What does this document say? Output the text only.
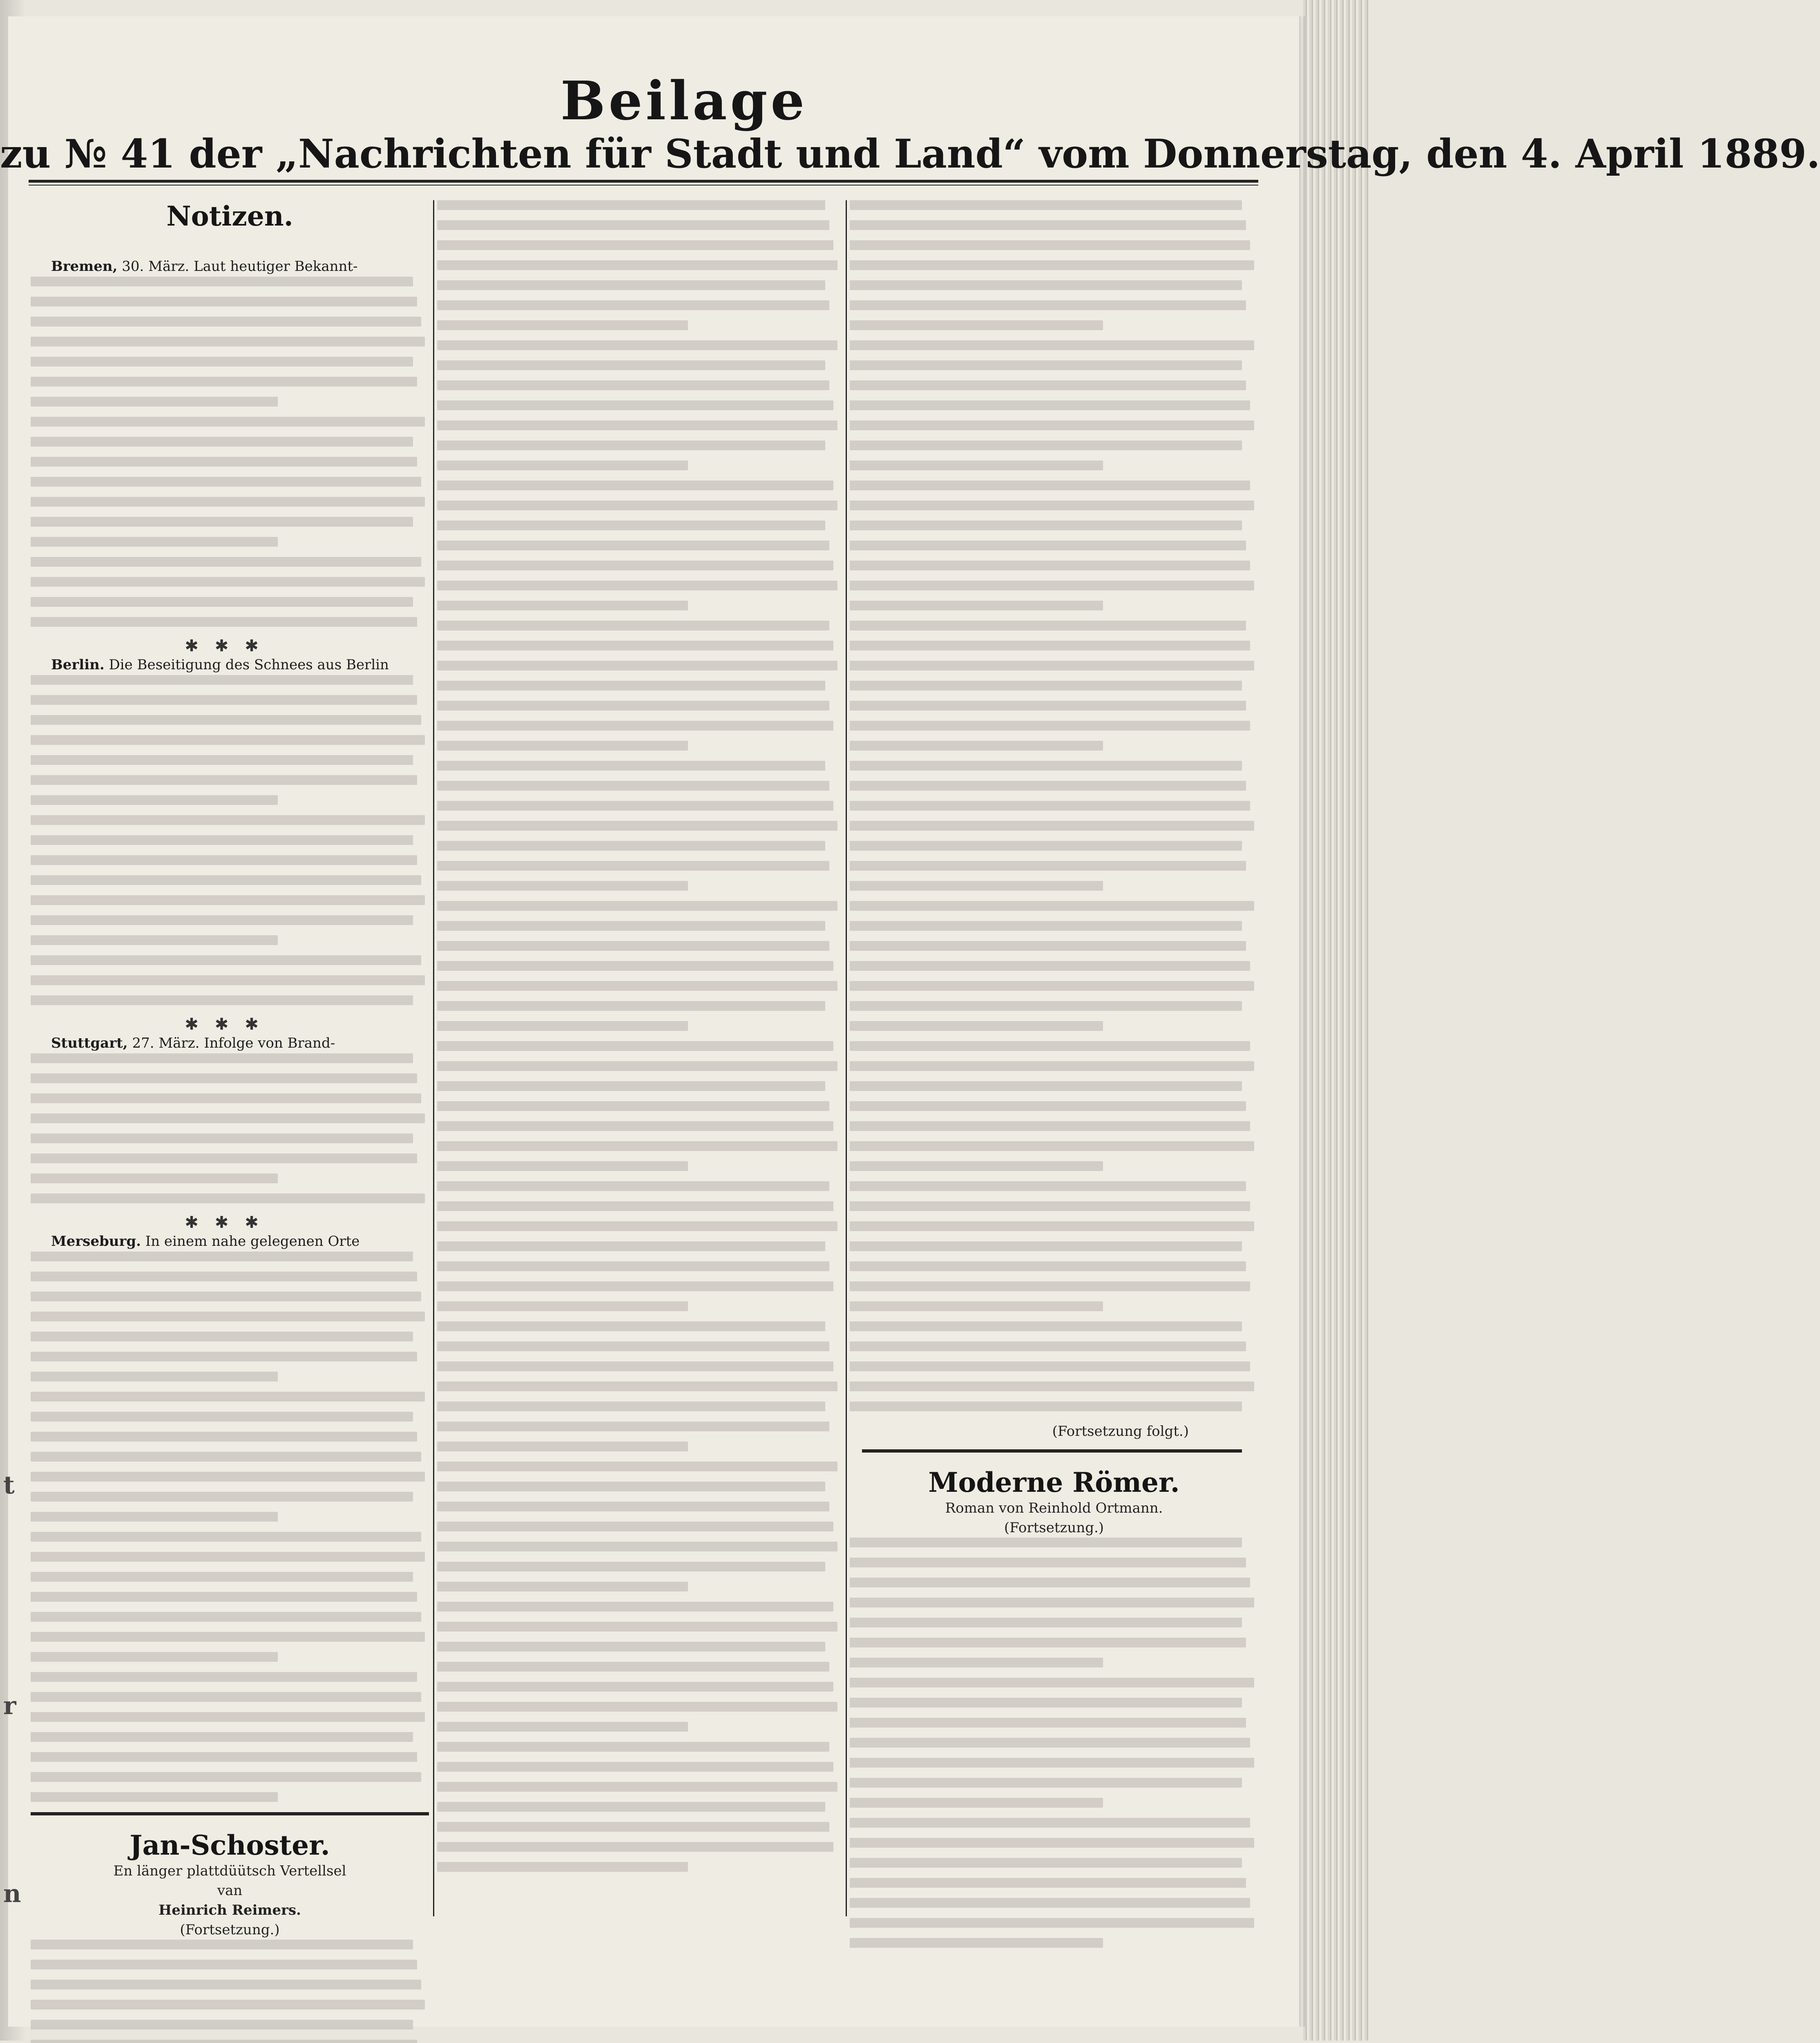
t
r
n
Beilage
zu № 41 der „Nachrichten für Stadt und Land“ vom Donnerstag, den 4. April 1889.
Notizen.
Bremen, 30. März. Laut heutiger Bekannt-
✱✱✱
Berlin. Die Beseitigung des Schnees aus Berlin
✱✱✱
Stuttgart, 27. März. Infolge von Brand-
✱✱✱
Merseburg. In einem nahe gelegenen Orte
Jan-Schoster.
En länger plattdüütsch Vertellsel
van
Heinrich Reimers.
(Fortsetzung.)
(Fortsetzung folgt.)
Moderne Römer.
Roman von Reinhold Ortmann.
(Fortsetzung.)
